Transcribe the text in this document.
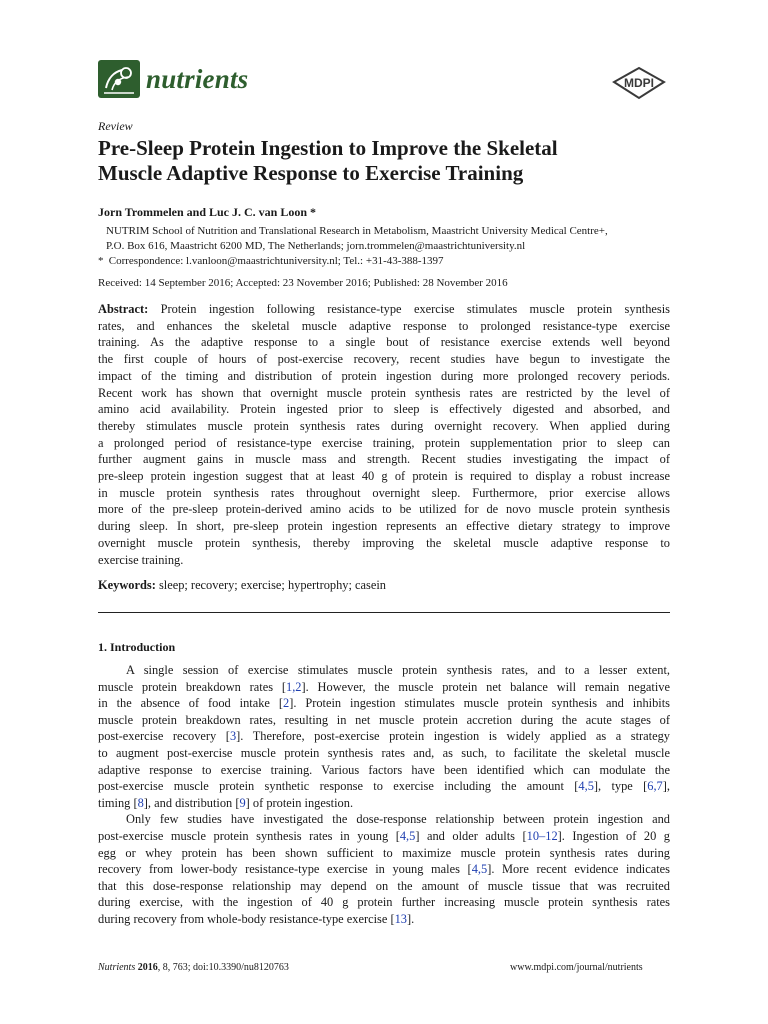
nutrients	MDPI
Review
Pre-Sleep Protein Ingestion to Improve the Skeletal
Muscle Adaptive Response to Exercise Training
Jorn Trommelen and Luc J. C. van Loon *
NUTRIM School of Nutrition and Translational Research in Metabolism, Maastricht University Medical Centre+,
P.O. Box 616, Maastricht 6200 MD, The Netherlands; jorn.trommelen@maastrichtuniversity.nl
* Correspondence: l.vanloon@maastrichtuniversity.nl; Tel.: +31-43-388-1397
Received: 14 September 2016; Accepted: 23 November 2016; Published: 28 November 2016
Abstract: Protein ingestion following resistance-type exercise stimulates muscle protein synthesis
rates, and enhances the skeletal muscle adaptive response to prolonged resistance-type exercise
training. As the adaptive response to a single bout of resistance exercise extends well beyond
the first couple of hours of post-exercise recovery, recent studies have begun to investigate the
impact of the timing and distribution of protein ingestion during more prolonged recovery periods.
Recent work has shown that overnight muscle protein synthesis rates are restricted by the level of
amino acid availability. Protein ingested prior to sleep is effectively digested and absorbed, and
thereby stimulates muscle protein synthesis rates during overnight recovery. When applied during
a prolonged period of resistance-type exercise training, protein supplementation prior to sleep can
further augment gains in muscle mass and strength. Recent studies investigating the impact of
pre-sleep protein ingestion suggest that at least 40 g of protein is required to display a robust increase
in muscle protein synthesis rates throughout overnight sleep. Furthermore, prior exercise allows
more of the pre-sleep protein-derived amino acids to be utilized for de novo muscle protein synthesis
during sleep. In short, pre-sleep protein ingestion represents an effective dietary strategy to improve
overnight muscle protein synthesis, thereby improving the skeletal muscle adaptive response to
exercise training.
Keywords: sleep; recovery; exercise; hypertrophy; casein
1. Introduction
A single session of exercise stimulates muscle protein synthesis rates, and to a lesser extent,
muscle protein breakdown rates [1,2]. However, the muscle protein net balance will remain negative
in the absence of food intake [2]. Protein ingestion stimulates muscle protein synthesis and inhibits
muscle protein breakdown rates, resulting in net muscle protein accretion during the acute stages of
post-exercise recovery [3]. Therefore, post-exercise protein ingestion is widely applied as a strategy
to augment post-exercise muscle protein synthesis rates and, as such, to facilitate the skeletal muscle
adaptive response to exercise training. Various factors have been identified which can modulate the
post-exercise muscle protein synthetic response to exercise including the amount [4,5], type [6,7],
timing [8], and distribution [9] of protein ingestion.
Only few studies have investigated the dose-response relationship between protein ingestion and
post-exercise muscle protein synthesis rates in young [4,5] and older adults [10–12]. Ingestion of 20 g
egg or whey protein has been shown sufficient to maximize muscle protein synthesis rates during
recovery from lower-body resistance-type exercise in young males [4,5]. More recent evidence indicates
that this dose-response relationship may depend on the amount of muscle tissue that was recruited
during exercise, with the ingestion of 40 g protein further increasing muscle protein synthesis rates
during recovery from whole-body resistance-type exercise [13].
Nutrients 2016, 8, 763; doi:10.3390/nu8120763	www.mdpi.com/journal/nutrients
